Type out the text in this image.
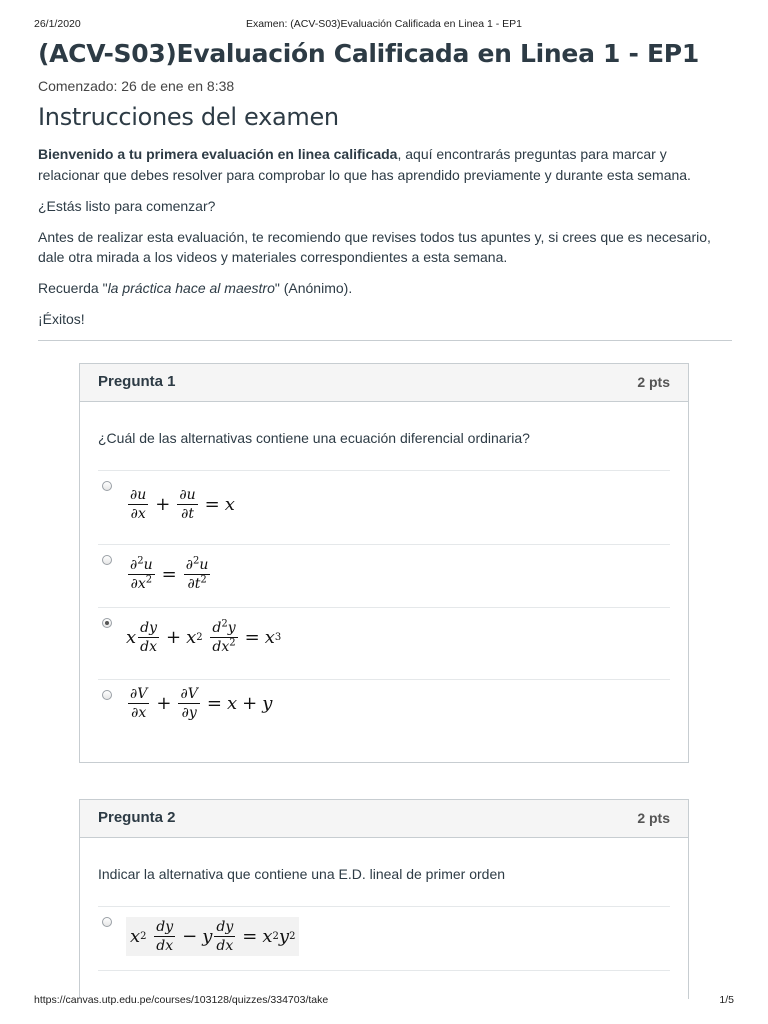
26/1/2020	Examen: (ACV-S03)Evaluación Calificada en Linea 1 - EP1
(ACV-S03)Evaluación Calificada en Linea 1 - EP1
Comenzado: 26 de ene en 8:38
Instrucciones del examen

Bienvenido a tu primera evaluación en linea calificada, aquí encontrarás preguntas para marcar y relacionar que debes resolver para comprobar lo que has aprendido previamente y durante esta semana.

¿Estás listo para comenzar?

Antes de realizar esta evaluación, te recomiendo que revises todos tus apuntes y, si crees que es necesario, dale otra mirada a los videos y materiales correspondientes a esta semana.

Recuerda "la práctica hace al maestro" (Anónimo).

¡Éxitos!

Pregunta 1	2 pts
¿Cuál de las alternativas contiene una ecuación diferencial ordinaria?
$\frac{\partial u}{\partial x} + \frac{\partial u}{\partial t} = x$
$\frac{\partial^2u}{\partial x^2} = \frac{\partial^2u}{\partial t^2}$
x $\frac{dy}{dx} + x$ 2
$\frac{d^2y}{dx^2} = x$ 3
$\frac{\partial V}{\partial x} + \frac{\partial V}{\partial y} = x + y$
Pregunta 2	2 pts
Indicar la alternativa que contiene una E.D. lineal de primer orden
x 2
$\frac{dy}{dx} - y \frac{dy}{dx} = x$ 2 y 2
https://canvas.utp.edu.pe/courses/103128/quizzes/334703/take	1/5
